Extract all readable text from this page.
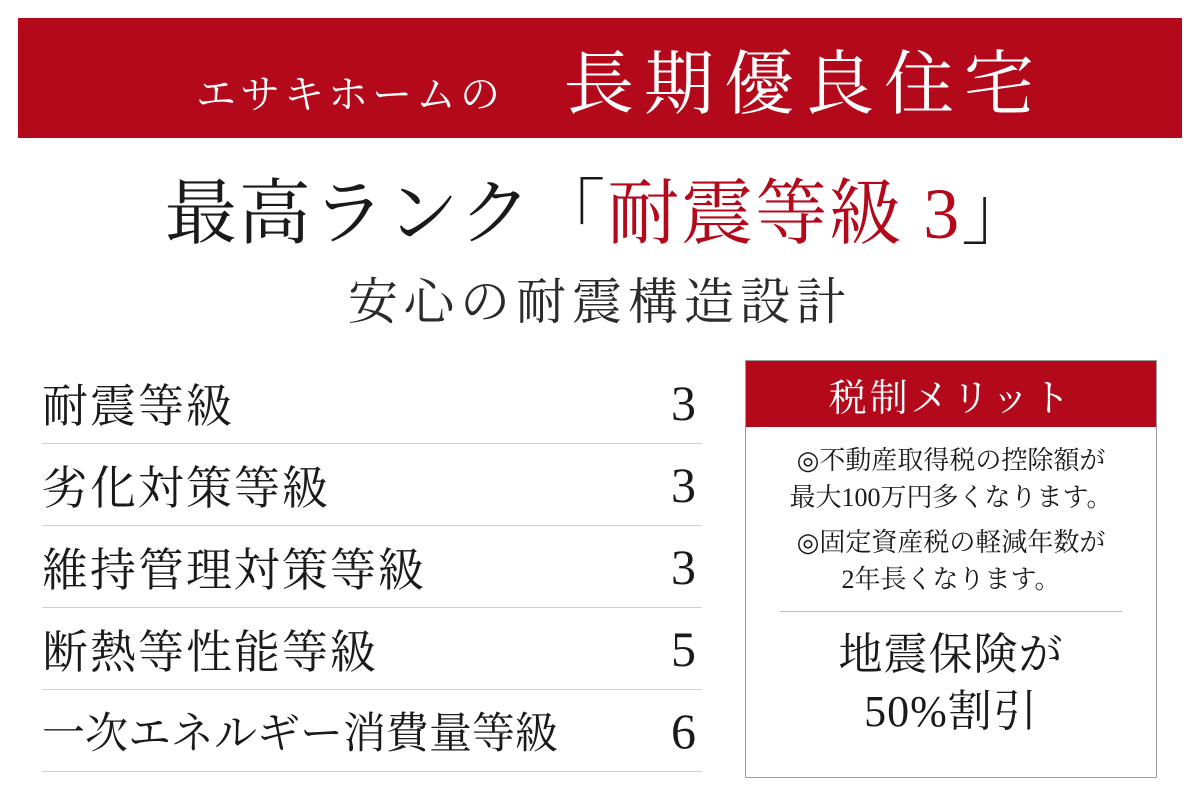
エサキホームの 長期優良住宅
最高ランク「耐震等級 3」
安心の耐震構造設計
耐震等級	3
劣化対策等級	3
維持管理対策等級	3
断熱等性能等級	5
一次エネルギー消費量等級 6
税制メリット
◎不動産取得税の控除額が
最大100万円多くなります。
◎固定資産税の軽減年数が
2年長くなります。
地震保険が
50%割引
